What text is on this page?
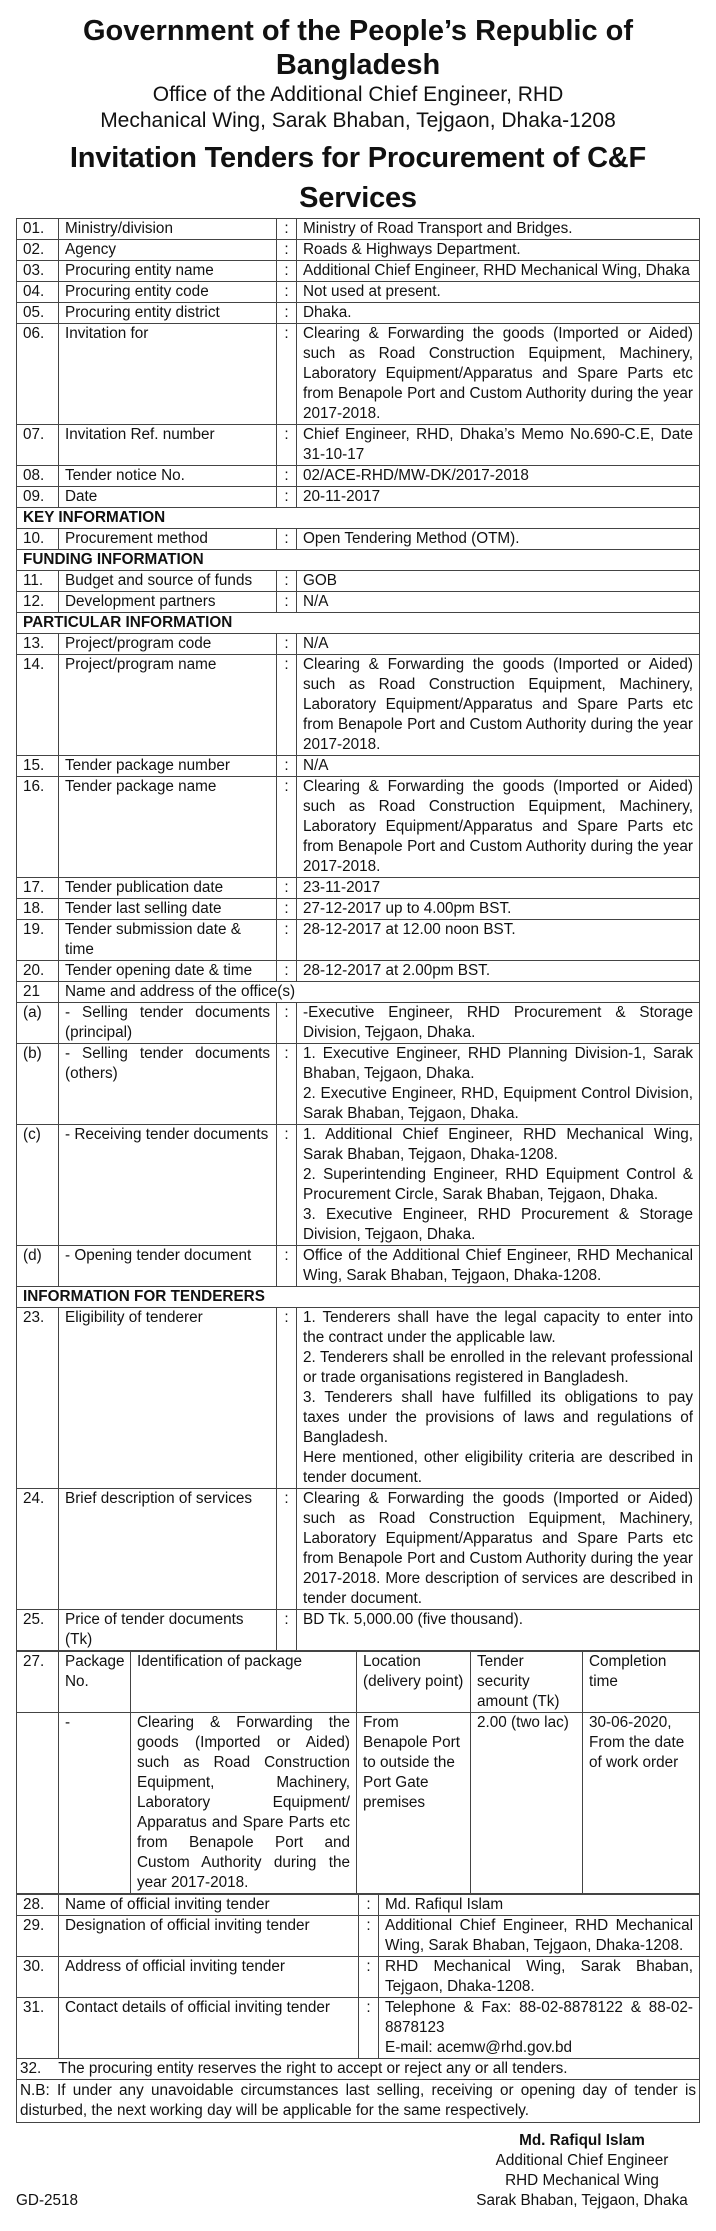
Government of the People’s Republic of Bangladesh
Office of the Additional Chief Engineer, RHD
Mechanical Wing, Sarak Bhaban, Tejgaon, Dhaka-1208
Invitation Tenders for Procurement of C&F Services
01.	Ministry/division	:	Ministry of Road Transport and Bridges.
02.	Agency	:	Roads & Highways Department.
03.	Procuring entity name	:	Additional Chief Engineer, RHD Mechanical Wing, Dhaka
04.	Procuring entity code	:	Not used at present.
05.	Procuring entity district	:	Dhaka.
06.	Invitation for	:	Clearing & Forwarding the goods (Imported or Aided) such as Road Construction Equipment, Machinery, Laboratory Equipment/Apparatus and Spare Parts etc from Benapole Port and Custom Authority during the year 2017-2018.
07.	Invitation Ref. number	:	Chief Engineer, RHD, Dhaka’s Memo No.690-C.E, Date 31-10-17
08.	Tender notice No.	:	02/ACE-RHD/MW-DK/2017-2018
09.	Date	:	20-11-2017
KEY INFORMATION			
10.	Procurement method	:	Open Tendering Method (OTM).
FUNDING INFORMATION			
11.	Budget and source of funds	:	GOB
12.	Development partners	:	N/A
PARTICULAR INFORMATION			
13.	Project/program code	:	N/A
14.	Project/program name	:	Clearing & Forwarding the goods (Imported or Aided) such as Road Construction Equipment, Machinery, Laboratory Equipment/Apparatus and Spare Parts etc from Benapole Port and Custom Authority during the year 2017-2018.
15.	Tender package number	:	N/A
16.	Tender package name	:	Clearing & Forwarding the goods (Imported or Aided) such as Road Construction Equipment, Machinery, Laboratory Equipment/Apparatus and Spare Parts etc from Benapole Port and Custom Authority during the year 2017-2018.
17.	Tender publication date	:	23-11-2017
18.	Tender last selling date	:	27-12-2017 up to 4.00pm BST.
19.	Tender submission date & time	:	28-12-2017 at 12.00 noon BST.
20.	Tender opening date & time	:	28-12-2017 at 2.00pm BST.
21	Name and address of the office(s)		
(a)	- Selling tender documents (principal)	:	-Executive Engineer, RHD Procurement & Storage Division, Tejgaon, Dhaka.
(b)	- Selling tender documents (others)	:	1. Executive Engineer, RHD Planning Division-1, Sarak Bhaban, Tejgaon, Dhaka.
2. Executive Engineer, RHD, Equipment Control Division, Sarak Bhaban, Tejgaon, Dhaka.

(c)	- Receiving tender documents	:	1. Additional Chief Engineer, RHD Mechanical Wing, Sarak Bhaban, Tejgaon, Dhaka-1208.
2. Superintending Engineer, RHD Equipment Control & Procurement Circle, Sarak Bhaban, Tejgaon, Dhaka.
3. Executive Engineer, RHD Procurement & Storage Division, Tejgaon, Dhaka.

(d)	- Opening tender document	:	Office of the Additional Chief Engineer, RHD Mechanical Wing, Sarak Bhaban, Tejgaon, Dhaka-1208.
INFORMATION FOR TENDERERS			
23.	Eligibility of tenderer	:	1. Tenderers shall have the legal capacity to enter into the contract under the applicable law.
2. Tenderers shall be enrolled in the relevant professional or trade organisations registered in Bangladesh.
3. Tenderers shall have fulfilled its obligations to pay taxes under the provisions of laws and regulations of Bangladesh.
Here mentioned, other eligibility criteria are described in tender document.

24.	Brief description of services	:	Clearing & Forwarding the goods (Imported or Aided) such as Road Construction Equipment, Machinery, Laboratory Equipment/Apparatus and Spare Parts etc from Benapole Port and Custom Authority during the year 2017-2018. More description of services are described in tender document.
25.	Price of tender documents (Tk)	:	BD Tk. 5,000.00 (five thousand).
27.	Package No.	Identification of package	Location (delivery point)	Tender security amount (Tk)	Completion time
	-	Clearing & Forwarding the goods (Imported or Aided) such as Road Construction Equipment, Machinery, Laboratory Equipment/ Apparatus and Spare Parts etc from Benapole Port and Custom Authority during the year 2017-2018.	From Benapole Port to outside the Port Gate premises	2.00 (two lac)	30-06-2020, From the date of work order
28.	Name of official inviting tender	:	Md. Rafiqul Islam
29.	Designation of official inviting tender	:	Additional Chief Engineer, RHD Mechanical Wing, Sarak Bhaban, Tejgaon, Dhaka-1208.
30.	Address of official inviting tender	:	RHD Mechanical Wing, Sarak Bhaban, Tejgaon, Dhaka-1208.
31.	Contact details of official inviting tender	:	Telephone & Fax: 88-02-8878122 & 88-02-8878123
E-mail: acemw@rhd.gov.bd
32.    The procuring entity reserves the right to accept or reject any or all tenders.
N.B: If under any unavoidable circumstances last selling, receiving or opening day of tender is disturbed, the next working day will be applicable for the same respectively.
Md. Rafiqul Islam
Additional Chief Engineer
RHD Mechanical Wing
Sarak Bhaban, Tejgaon, Dhaka
GD-2518
